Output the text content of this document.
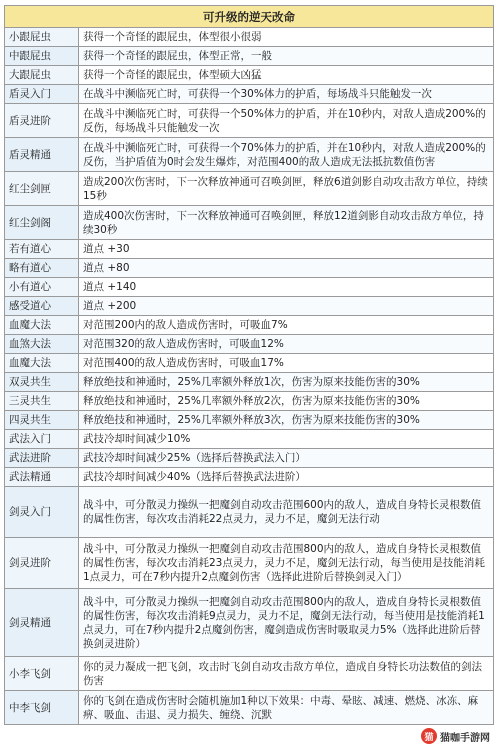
可升级的逆天改命	
小跟屁虫	获得一个奇怪的跟屁虫，体型很小很弱
中跟屁虫	获得一个奇怪的跟屁虫，体型正常，一般
大跟屁虫	获得一个奇怪的跟屁虫，体型硕大凶猛
盾灵入门	在战斗中濒临死亡时，可获得一个30%体力的护盾，每场战斗只能触发一次
盾灵进阶	在战斗中濒临死亡时，可获得一个50%体力的护盾，并在10秒内，对敌人造成200%的反伤，每场战斗只能触发一次
盾灵精通	在战斗中濒临死亡时，可获得一个70%体力的护盾，并在10秒内，对敌人造成200%的反伤，当护盾值为0时会发生爆炸，对范围400的敌人造成无法抵抗数值伤害
红尘剑匣	造成200次伤害时，下一次释放神通可召唤剑匣，释放6道剑影自动攻击敌方单位，持续15秒
红尘剑阁	造成400次伤害时，下一次释放神通可召唤剑匣，释放12道剑影自动攻击敌方单位，持续30秒
若有道心	道点 +30
略有道心	道点 +80
小有道心	道点 +140
感受道心	道点 +200
血魔大法	对范围200内的敌人造成伤害时，可吸血7%
血煞大法	对范围320的敌人造成伤害时，可吸血12%
血魔大法	对范围400的敌人造成伤害时，可吸血17%
双灵共生	释放绝技和神通时，25%几率额外释放1次，伤害为原来技能伤害的30%
三灵共生	释放绝技和神通时，25%几率额外释放2次，伤害为原来技能伤害的30%
四灵共生	释放绝技和神通时，25%几率额外释放3次，伤害为原来技能伤害的30%
武法入门	武技冷却时间减少10%
武法进阶	武技冷却时间减少25%（选择后替换武法入门）
武法精通	武技冷却时间减少40%（选择后替换武法进阶）
剑灵入门	战斗中，可分散灵力操纵一把魔剑自动攻击范围600内的敌人，造成自身特长灵根数值的属性伤害，每次攻击消耗22点灵力，灵力不足，魔剑无法行动
剑灵进阶	战斗中，可分散灵力操纵一把魔剑自动攻击范围800内的敌人，造成自身特长灵根数值的属性伤害，每次攻击消耗23点灵力，灵力不足，魔剑无法行动，每当使用是技能消耗1点灵力，可在7秒内提升2点魔剑伤害（选择此进阶后替换剑灵入门）
剑灵精通	战斗中，可分散灵力操纵一把魔剑自动攻击范围800内的敌人，造成自身特长灵根数值的属性伤害，每次攻击消耗9点灵力，灵力不足，魔剑无法行动，每当使用是技能消耗1点灵力，可在7秒内提升2点魔剑伤害，魔剑造成伤害时吸取灵力5%（选择此进阶后替换剑灵进阶）
小李飞剑	你的灵力凝成一把飞剑，攻击时飞剑自动攻击敌方单位，造成自身特长功法数值的剑法伤害
中李飞剑	你的飞剑在造成伤害时会随机施加1种以下效果：中毒、晕眩、减速、燃烧、冰冻、麻痹、吸血、击退、灵力损失、缠绕、沉默
猫 猫咖手游网
